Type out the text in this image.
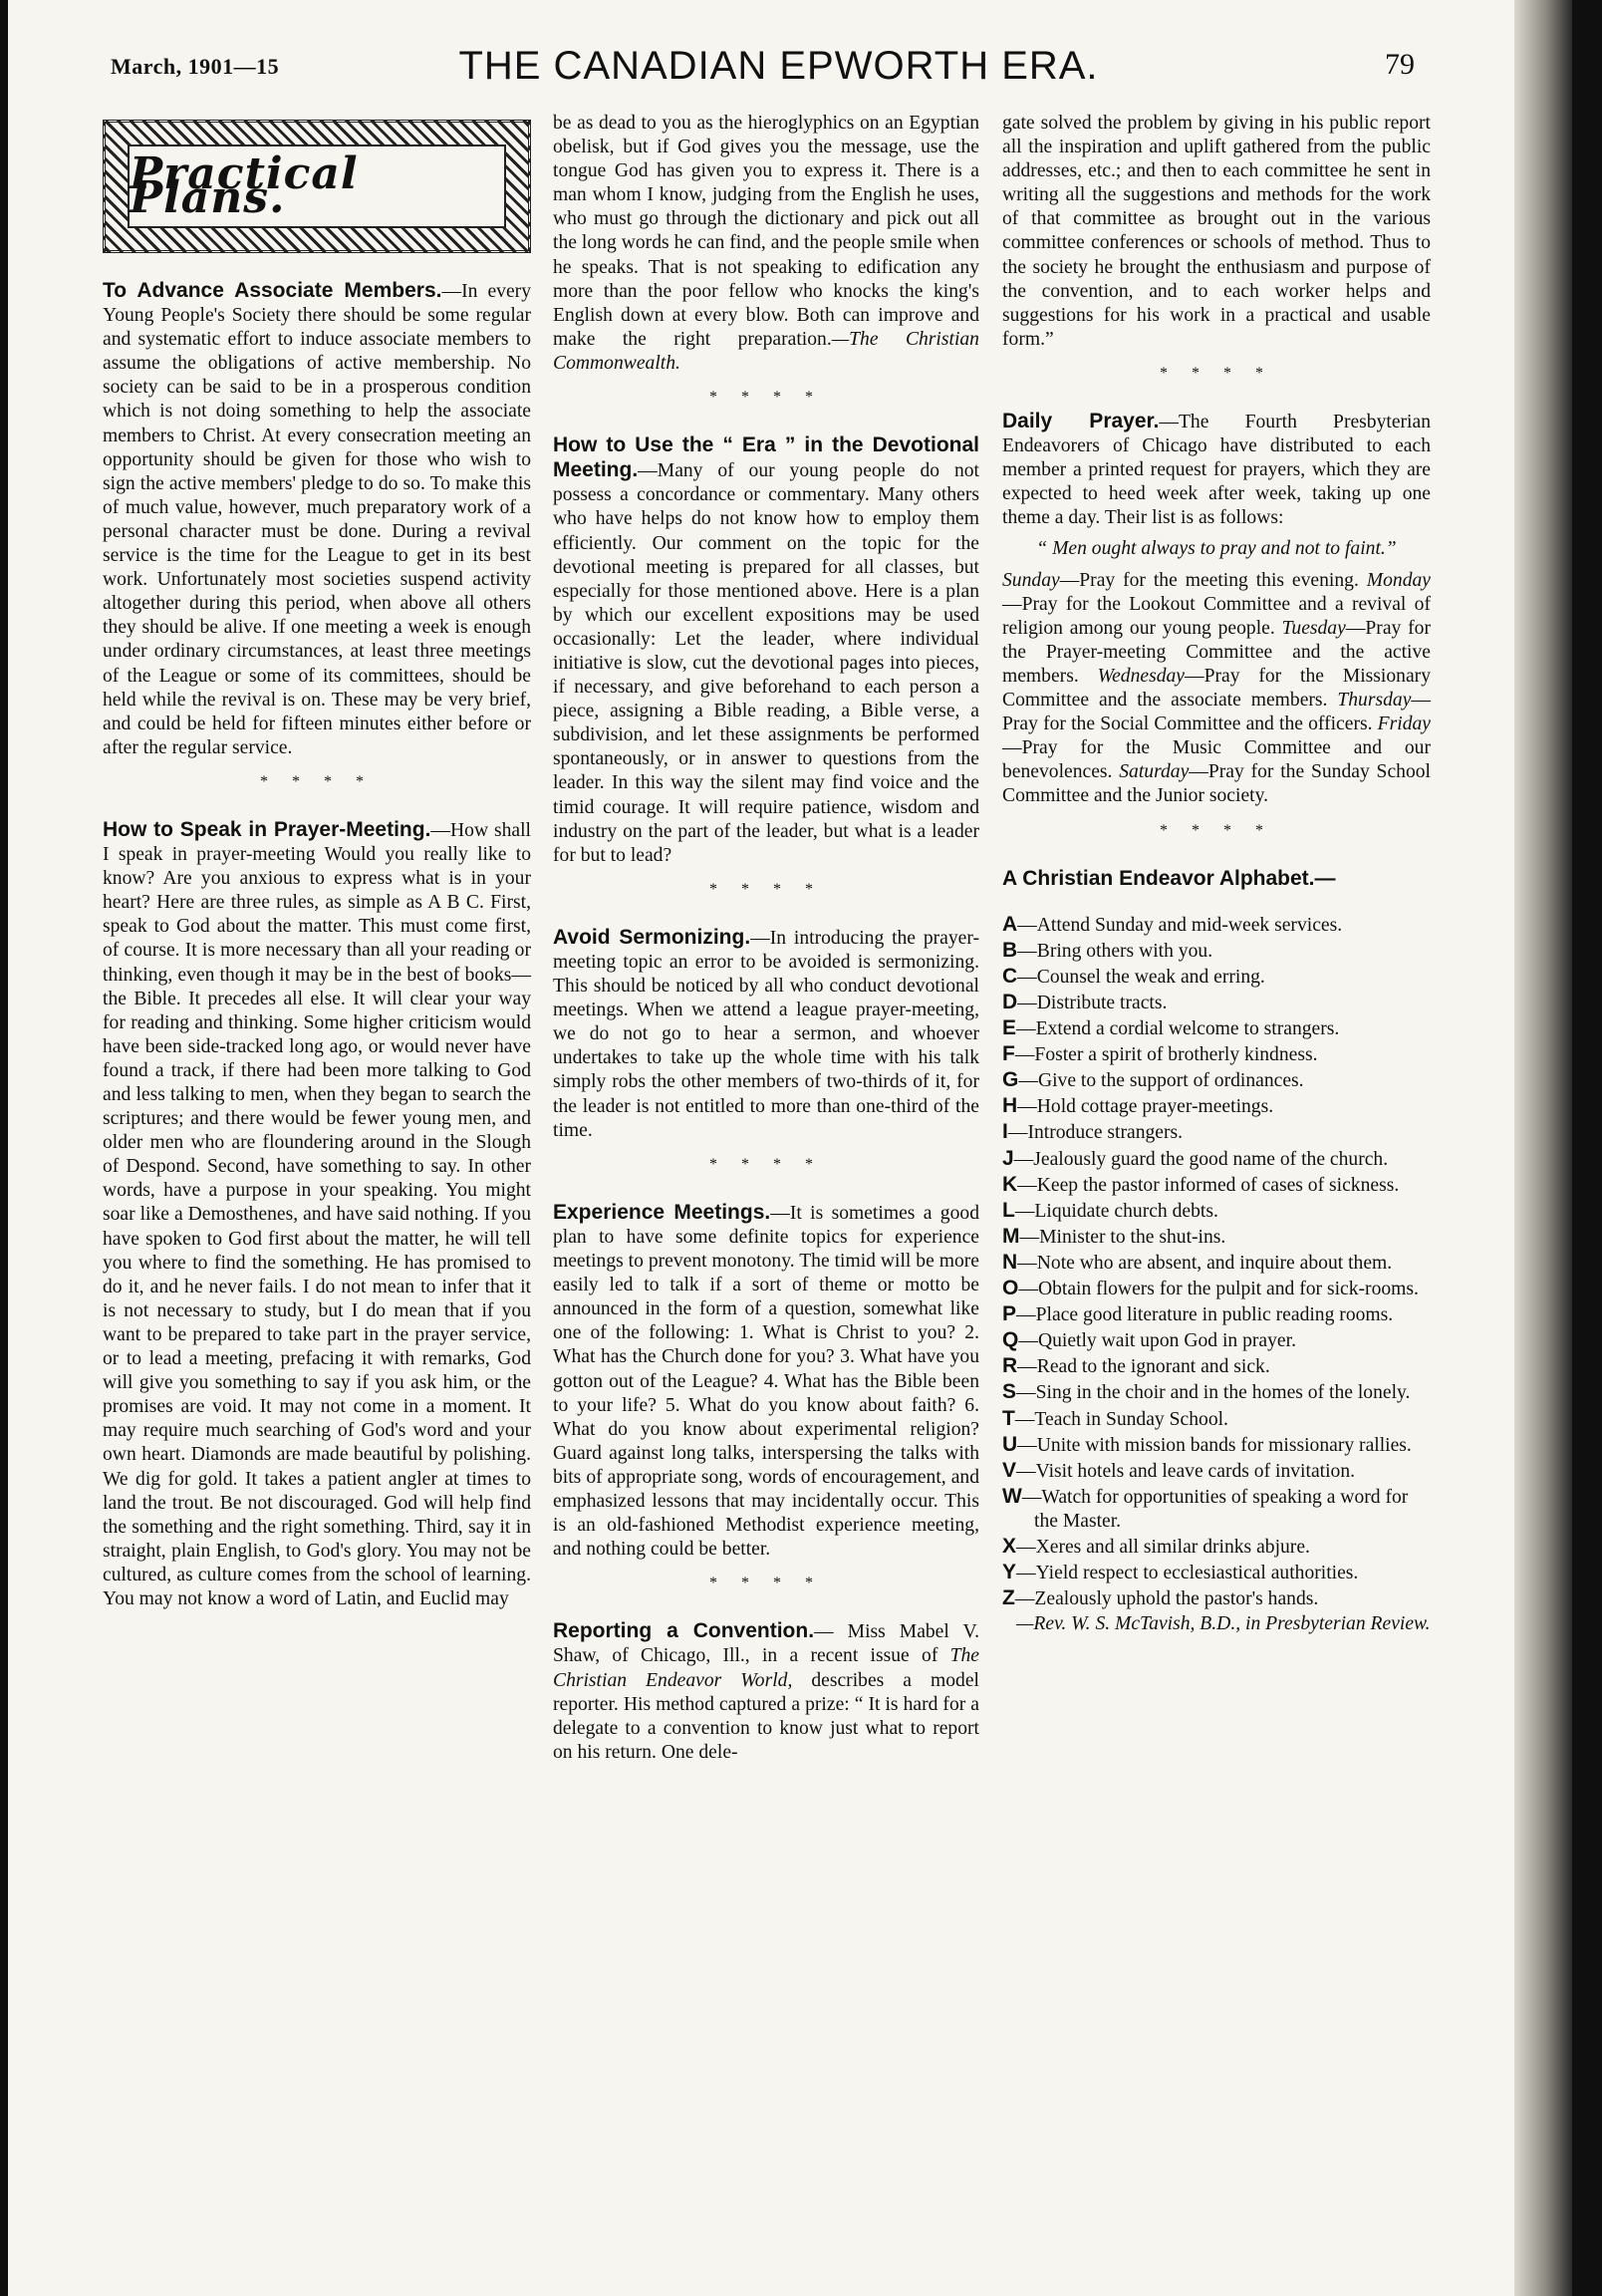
March, 1901—15	THE CANADIAN EPWORTH ERA.	79
Practical Plans.

To Advance Associate Members.—In every Young People's Society there should be some regular and systematic effort to induce associate members to assume the obligations of active membership. No society can be said to be in a prosperous condition which is not doing something to help the associate members to Christ. At every consecration meeting an opportunity should be given for those who wish to sign the active members' pledge to do so. To make this of much value, however, much preparatory work of a personal character must be done. During a revival service is the time for the League to get in its best work. Unfortunately most societies suspend activity altogether during this period, when above all others they should be alive. If one meeting a week is enough under ordinary circumstances, at least three meetings of the League or some of its committees, should be held while the revival is on. These may be very brief, and could be held for fifteen minutes either before or after the regular service.

* * * *

How to Speak in Prayer-Meeting.—How shall I speak in prayer-meeting Would you really like to know? Are you anxious to express what is in your heart? Here are three rules, as simple as A B C. First, speak to God about the matter. This must come first, of course. It is more necessary than all your reading or thinking, even though it may be in the best of books—the Bible. It precedes all else. It will clear your way for reading and thinking. Some higher criticism would have been side-tracked long ago, or would never have found a track, if there had been more talking to God and less talking to men, when they began to search the scriptures; and there would be fewer young men, and older men who are floundering around in the Slough of Despond. Second, have something to say. In other words, have a purpose in your speaking. You might soar like a Demosthenes, and have said nothing. If you have spoken to God first about the matter, he will tell you where to find the something. He has promised to do it, and he never fails. I do not mean to infer that it is not necessary to study, but I do mean that if you want to be prepared to take part in the prayer service, or to lead a meeting, prefacing it with remarks, God will give you something to say if you ask him, or the promises are void. It may not come in a moment. It may require much searching of God's word and your own heart. Diamonds are made beautiful by polishing. We dig for gold. It takes a patient angler at times to land the trout. Be not discouraged. God will help find the something and the right something. Third, say it in straight, plain English, to God's glory. You may not be cultured, as culture comes from the school of learning. You may not know a word of Latin, and Euclid may

be as dead to you as the hieroglyphics on an Egyptian obelisk, but if God gives you the message, use the tongue God has given you to express it. There is a man whom I know, judging from the English he uses, who must go through the dictionary and pick out all the long words he can find, and the people smile when he speaks. That is not speaking to edification any more than the poor fellow who knocks the king's English down at every blow. Both can improve and make the right preparation.—The Christian Commonwealth.

* * * *

How to Use the “ Era ” in the Devotional Meeting.—Many of our young people do not possess a concordance or commentary. Many others who have helps do not know how to employ them efficiently. Our comment on the topic for the devotional meeting is prepared for all classes, but especially for those mentioned above. Here is a plan by which our excellent expositions may be used occasionally: Let the leader, where individual initiative is slow, cut the devotional pages into pieces, if necessary, and give beforehand to each person a piece, assigning a Bible reading, a Bible verse, a subdivision, and let these assignments be performed spontaneously, or in answer to questions from the leader. In this way the silent may find voice and the timid courage. It will require patience, wisdom and industry on the part of the leader, but what is a leader for but to lead?

* * * *

Avoid Sermonizing.—In introducing the prayer-meeting topic an error to be avoided is sermonizing. This should be noticed by all who conduct devotional meetings. When we attend a league prayer-meeting, we do not go to hear a sermon, and whoever undertakes to take up the whole time with his talk simply robs the other members of two-thirds of it, for the leader is not entitled to more than one-third of the time.

* * * *

Experience Meetings.—It is sometimes a good plan to have some definite topics for experience meetings to prevent monotony. The timid will be more easily led to talk if a sort of theme or motto be announced in the form of a question, somewhat like one of the following: 1. What is Christ to you? 2. What has the Church done for you? 3. What have you gotton out of the League? 4. What has the Bible been to your life? 5. What do you know about faith? 6. What do you know about experimental religion? Guard against long talks, interspersing the talks with bits of appropriate song, words of encouragement, and emphasized lessons that may incidentally occur. This is an old-fashioned Methodist experience meeting, and nothing could be better.

* * * *

Reporting a Convention.— Miss Mabel V. Shaw, of Chicago, Ill., in a recent issue of The Christian Endeavor World, describes a model reporter. His method captured a prize: “ It is hard for a delegate to a convention to know just what to report on his return. One dele-

gate solved the problem by giving in his public report all the inspiration and uplift gathered from the public addresses, etc.; and then to each committee he sent in writing all the suggestions and methods for the work of that committee as brought out in the various committee conferences or schools of method. Thus to the society he brought the enthusiasm and purpose of the convention, and to each worker helps and suggestions for his work in a practical and usable form.”

* * * *

Daily Prayer.—The Fourth Presbyterian Endeavorers of Chicago have distributed to each member a printed request for prayers, which they are expected to heed week after week, taking up one theme a day. Their list is as follows:

“ Men ought always to pray and not to faint.”

Sunday—Pray for the meeting this evening. Monday—Pray for the Lookout Committee and a revival of religion among our young people. Tuesday—Pray for the Prayer-meeting Committee and the active members. Wednesday—Pray for the Missionary Committee and the associate members. Thursday—Pray for the Social Committee and the officers. Friday—Pray for the Music Committee and our benevolences. Saturday—Pray for the Sunday School Committee and the Junior society.

* * * *
A Christian Endeavor Alphabet.—
A—Attend Sunday and mid-week services.
B—Bring others with you.
C—Counsel the weak and erring.
D—Distribute tracts.
E—Extend a cordial welcome to strangers.
F—Foster a spirit of brotherly kindness.
G—Give to the support of ordinances.
H—Hold cottage prayer-meetings.
I—Introduce strangers.
J—Jealously guard the good name of the church.
K—Keep the pastor informed of cases of sickness.
L—Liquidate church debts.
M—Minister to the shut-ins.
N—Note who are absent, and inquire about them.
O—Obtain flowers for the pulpit and for sick-rooms.
P—Place good literature in public reading rooms.
Q—Quietly wait upon God in prayer.
R—Read to the ignorant and sick.
S—Sing in the choir and in the homes of the lonely.
T—Teach in Sunday School.
U—Unite with mission bands for missionary rallies.
V—Visit hotels and leave cards of invitation.
W—Watch for opportunities of speaking a word for the Master.
X—Xeres and all similar drinks abjure.
Y—Yield respect to ecclesiastical authorities.
Z—Zealously uphold the pastor's hands.
—Rev. W. S. McTavish, B.D., in Presbyterian Review.
